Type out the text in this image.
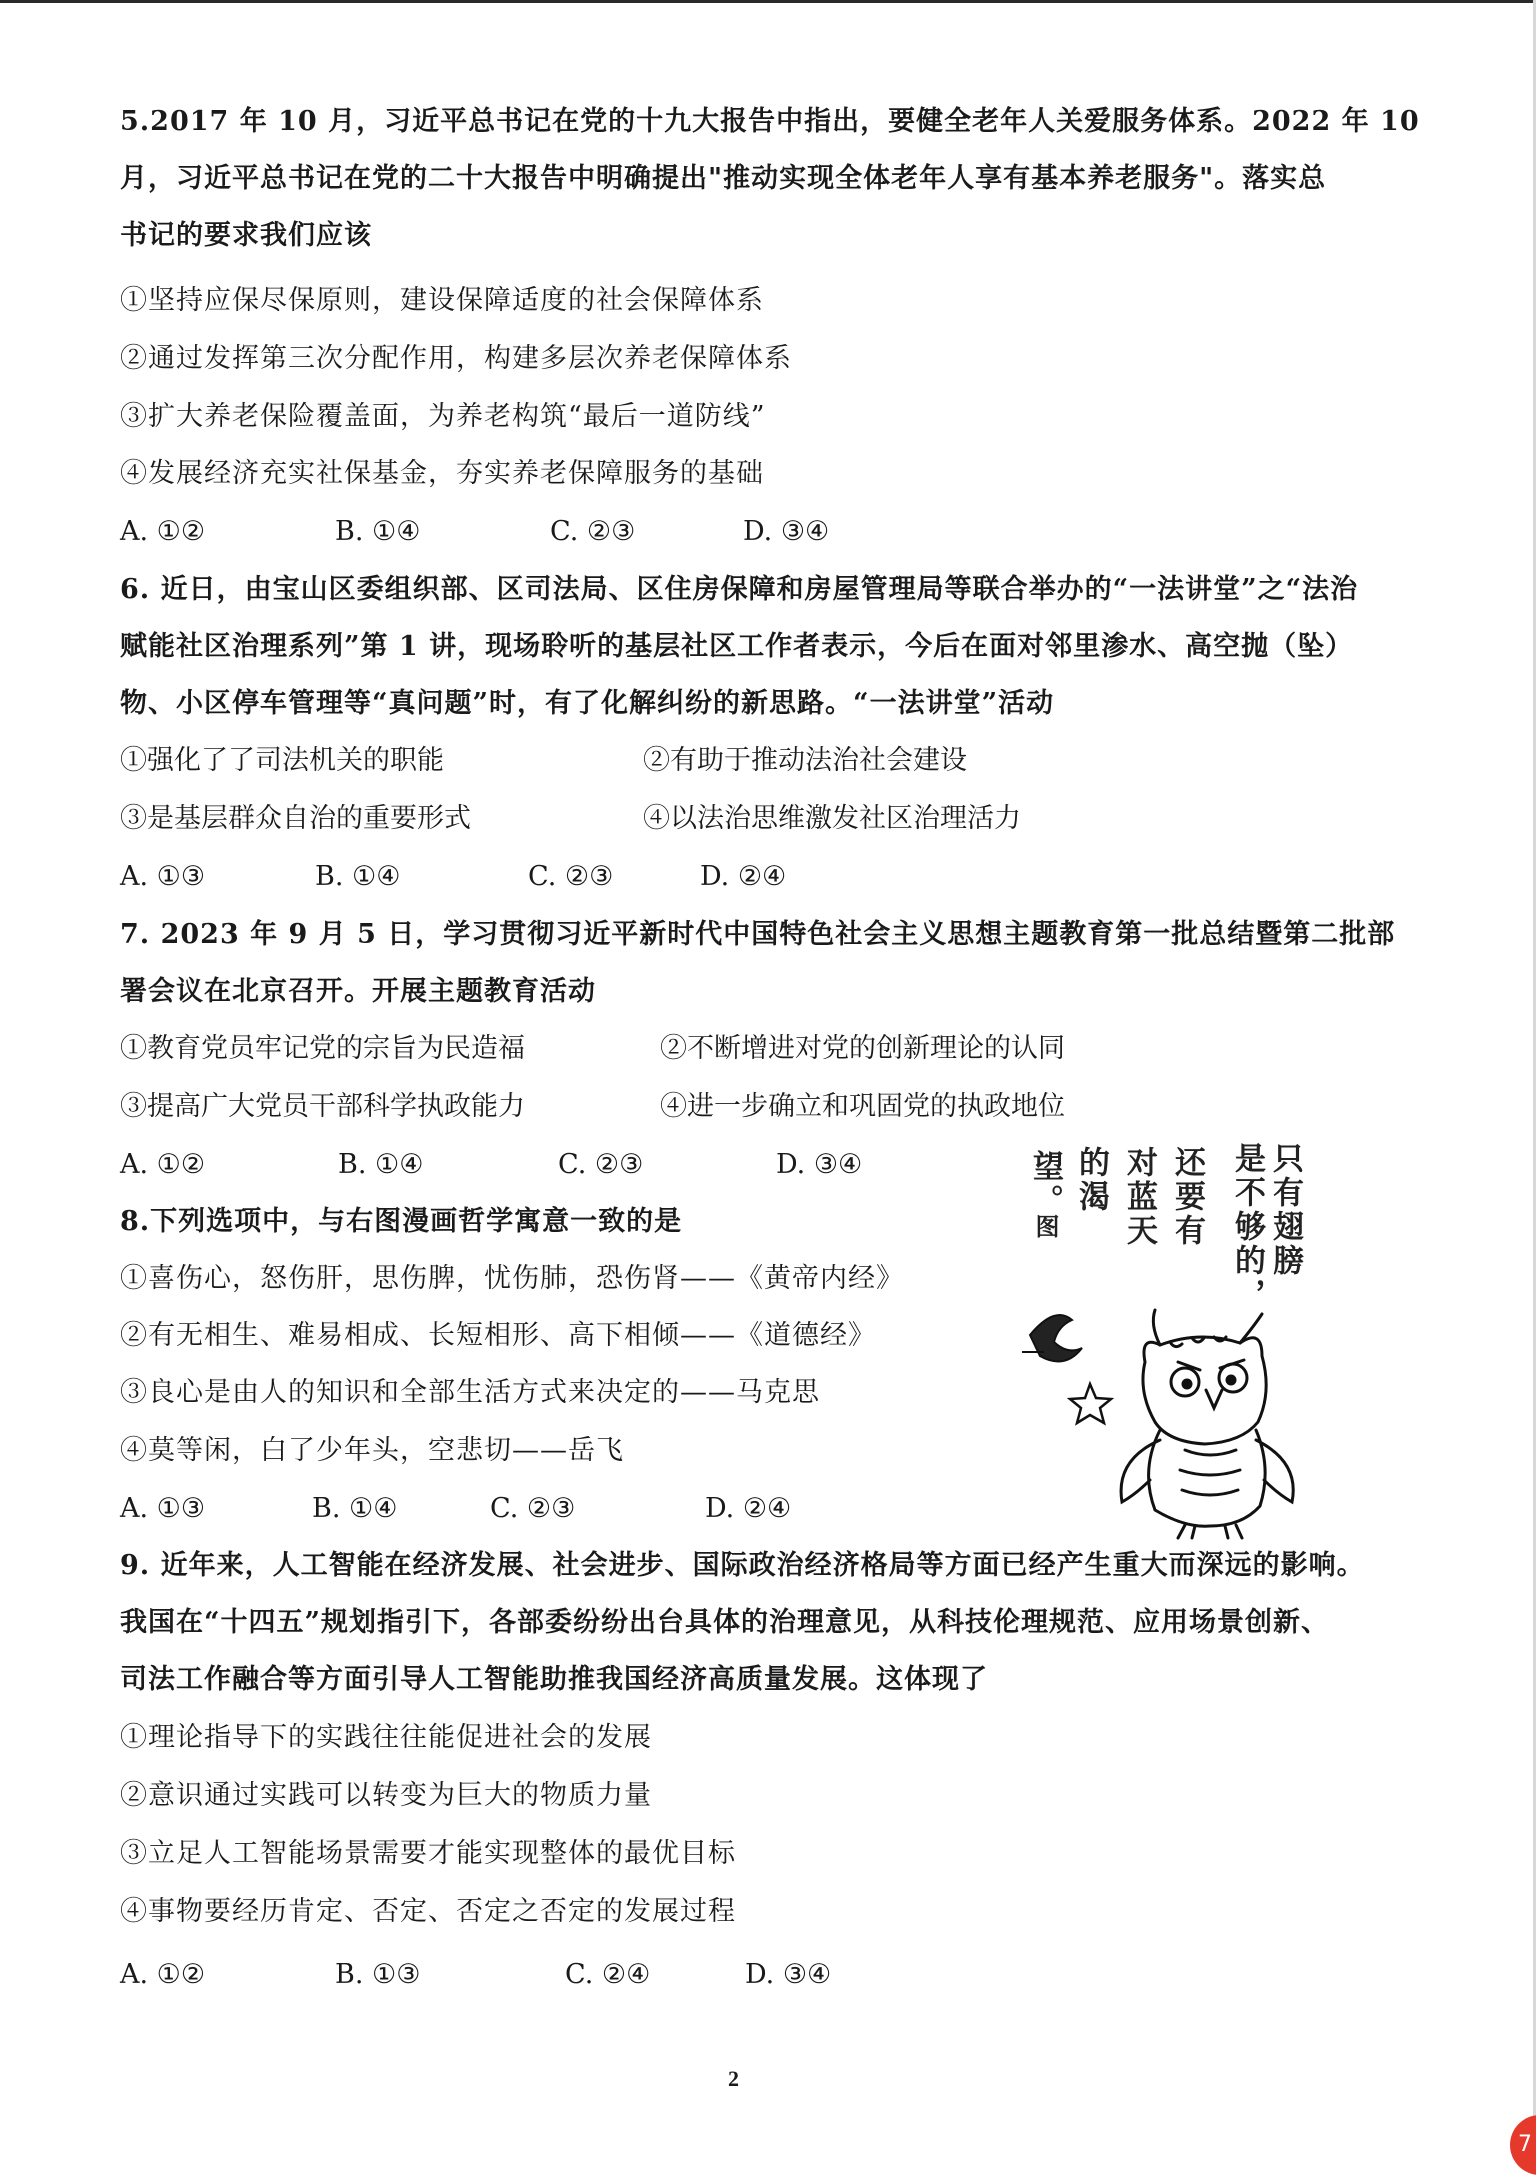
5.2017 年 10 月，习近平总书记在党的十九大报告中指出，要健全老年人关爱服务体系。2022 年 10
月，习近平总书记在党的二十大报告中明确提出"推动实现全体老年人享有基本养老服务"。落实总
书记的要求我们应该
①坚持应保尽保原则，建设保障适度的社会保障体系
②通过发挥第三次分配作用，构建多层次养老保障体系
③扩大养老保险覆盖面，为养老构筑“最后一道防线”
④发展经济充实社保基金，夯实养老保障服务的基础
A. ①②	B. ①④	C. ②③	D. ③④
6. 近日，由宝山区委组织部、区司法局、区住房保障和房屋管理局等联合举办的“一法讲堂”之“法治
赋能社区治理系列”第 1 讲，现场聆听的基层社区工作者表示，今后在面对邻里渗水、高空抛（坠）
物、小区停车管理等“真问题”时，有了化解纠纷的新思路。“一法讲堂”活动
①强化了了司法机关的职能	②有助于推动法治社会建设
③是基层群众自治的重要形式	④以法治思维激发社区治理活力
A. ①③	B. ①④	C. ②③	D. ②④
7. 2023 年 9 月 5 日，学习贯彻习近平新时代中国特色社会主义思想主题教育第一批总结暨第二批部
署会议在北京召开。开展主题教育活动
①教育党员牢记党的宗旨为民造福	②不断增进对党的创新理论的认同
③提高广大党员干部科学执政能力	④进一步确立和巩固党的执政地位
A. ①②	B. ①④	C. ②③	D. ③④
8.下列选项中，与右图漫画哲学寓意一致的是
①喜伤心，怒伤肝，思伤脾，忧伤肺，恐伤肾——《黄帝内经》
②有无相生、难易相成、长短相形、高下相倾——《道德经》
③良心是由人的知识和全部生活方式来决定的——马克思
④莫等闲，白了少年头，空悲切——岳飞
A. ①③	B. ①④	C. ②③	D. ②④
只有翅膀
是不够的，
还要有
对蓝天
的渴
望。
图
9. 近年来，人工智能在经济发展、社会进步、国际政治经济格局等方面已经产生重大而深远的影响。
我国在“十四五”规划指引下，各部委纷纷出台具体的治理意见，从科技伦理规范、应用场景创新、
司法工作融合等方面引导人工智能助推我国经济高质量发展。这体现了
①理论指导下的实践往往能促进社会的发展
②意识通过实践可以转变为巨大的物质力量
③立足人工智能场景需要才能实现整体的最优目标
④事物要经历肯定、否定、否定之否定的发展过程
A. ①②	B. ①③	C. ②④	D. ③④
2
7
